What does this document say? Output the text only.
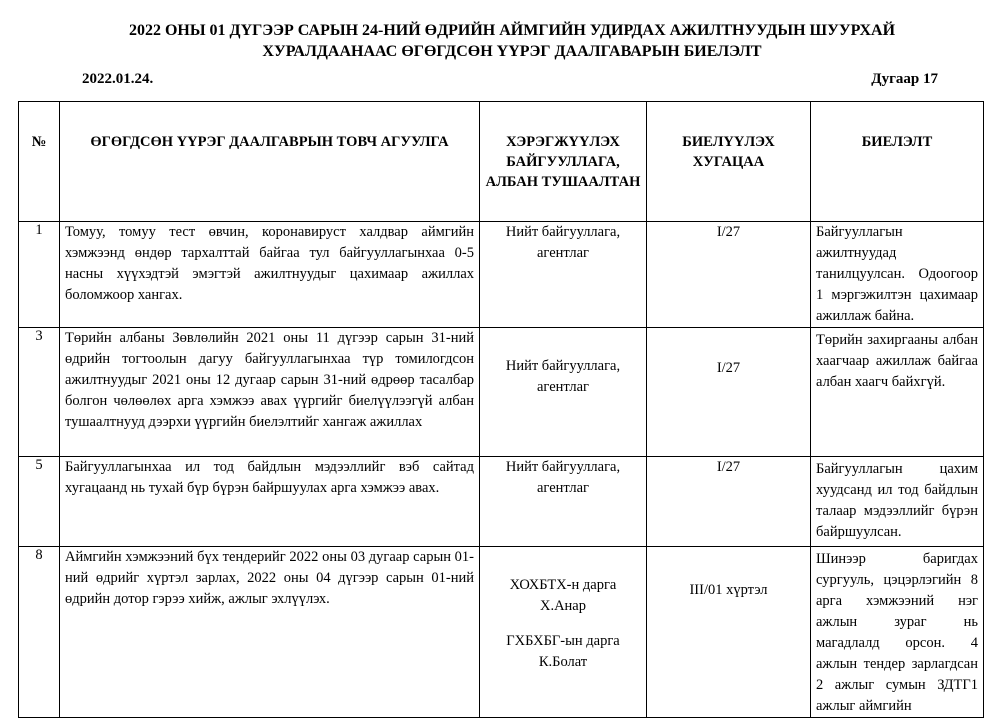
2022 ОНЫ 01 ДҮГЭЭР САРЫН 24-НИЙ ӨДРИЙН АЙМГИЙН УДИРДАХ АЖИЛТНУУДЫН ШУУРХАЙ
ХУРАЛДААНААС ӨГӨГДСӨН ҮҮРЭГ ДААЛГАВАРЫН БИЕЛЭЛТ
2022.01.24.	Дугаар 17
№	ӨГӨГДСӨН ҮҮРЭГ ДААЛГАВРЫН ТОВЧ АГУУЛГА	ХЭРЭГЖҮҮЛЭХ БАЙГУУЛЛАГА, АЛБАН ТУШААЛТАН	БИЕЛҮҮЛЭХ ХУГАЦАА	БИЕЛЭЛТ
1	Томуу, томуу тест өвчин, коронавируст халдвар аймгийн хэмжээнд өндөр тархалттай байгаа тул байгууллагынхаа 0-5 насны хүүхэдтэй эмэгтэй ажилтнуудыг цахимаар ажиллах боломжоор хангах.	Нийт байгууллага, агентлаг	I/27	Байгууллагын ажилтнуудад танилцуулсан. Одоогоор 1 мэргэжилтэн цахимаар ажиллаж байна.
3	Төрийн албаны Зөвлөлийн 2021 оны 11 дүгээр сарын 31-ний өдрийн тогтоолын дагуу байгууллагынхаа түр томилогдсон ажилтнуудыг 2021 оны 12 дугаар сарын 31-ний өдрөөр тасалбар болгон чөлөөлөх арга хэмжээ авах үүргийг биелүүлээгүй албан тушаалтнууд дээрхи үүргийн биелэлтийг хангаж ажиллах	Нийт байгууллага, агентлаг	I/27	Төрийн захиргааны албан хаагчаар ажиллаж байгаа албан хаагч байхгүй.
5	Байгууллагынхаа ил тод байдлын мэдээллийг вэб сайтад хугацаанд нь тухай бүр бүрэн байршуулах арга хэмжээ авах.	Нийт байгууллага, агентлаг	I/27	Байгууллагын цахим хуудсанд ил тод байдлын талаар мэдээллийг бүрэн байршуулсан.
8	Аймгийн хэмжээний бүх тендерийг 2022 оны 03 дугаар сарын 01-ний өдрийг хүртэл зарлах, 2022 оны 04 дүгээр сарын 01-ний өдрийн дотор гэрээ хийж, ажлыг эхлүүлэх.	ХОХБТХ-н дарга
Х.Анар
ГХБХБГ-ын дарга
К.Болат	III/01 хүртэл	Шинээр баригдах сургууль, цэцэрлэгийн 8 арга хэмжээний нэг ажлын зураг нь магадлалд орсон. 4 ажлын тендер зарлагдсан 2 ажлыг сумын ЗДТГ1 ажлыг аймгийн
